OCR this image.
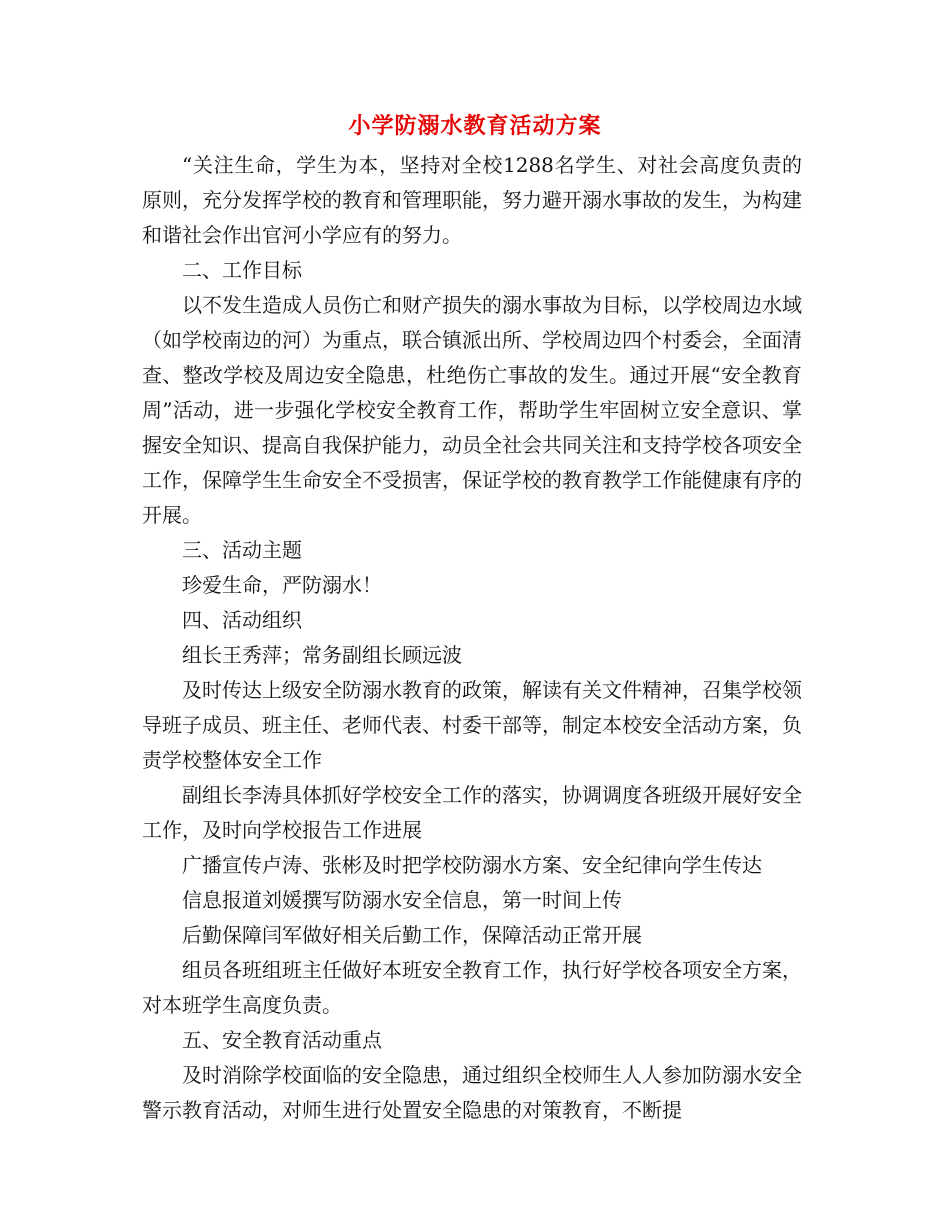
小学防溺水教育活动方案

“关注生命，学生为本，坚持对全校1288名学生、对社会高度负责的原则，充分发挥学校的教育和管理职能，努力避开溺水事故的发生，为构建和谐社会作出官河小学应有的努力。

二、工作目标

以不发生造成人员伤亡和财产损失的溺水事故为目标，以学校周边水域（如学校南边的河）为重点，联合镇派出所、学校周边四个村委会，全面清查、整改学校及周边安全隐患，杜绝伤亡事故的发生。通过开展“安全教育周”活动，进一步强化学校安全教育工作，帮助学生牢固树立安全意识、掌握安全知识、提高自我保护能力，动员全社会共同关注和支持学校各项安全工作，保障学生生命安全不受损害，保证学校的教育教学工作能健康有序的开展。

三、活动主题

珍爱生命，严防溺水！

四、活动组织

组长王秀萍；常务副组长顾远波

及时传达上级安全防溺水教育的政策，解读有关文件精神，召集学校领导班子成员、班主任、老师代表、村委干部等，制定本校安全活动方案，负责学校整体安全工作

副组长李涛具体抓好学校安全工作的落实，协调调度各班级开展好安全工作，及时向学校报告工作进展

广播宣传卢涛、张彬及时把学校防溺水方案、安全纪律向学生传达

信息报道刘媛撰写防溺水安全信息，第一时间上传

后勤保障闫军做好相关后勤工作，保障活动正常开展

组员各班组班主任做好本班安全教育工作，执行好学校各项安全方案，对本班学生高度负责。

五、安全教育活动重点

及时消除学校面临的安全隐患，通过组织全校师生人人参加防溺水安全警示教育活动，对师生进行处置安全隐患的对策教育，不断提
